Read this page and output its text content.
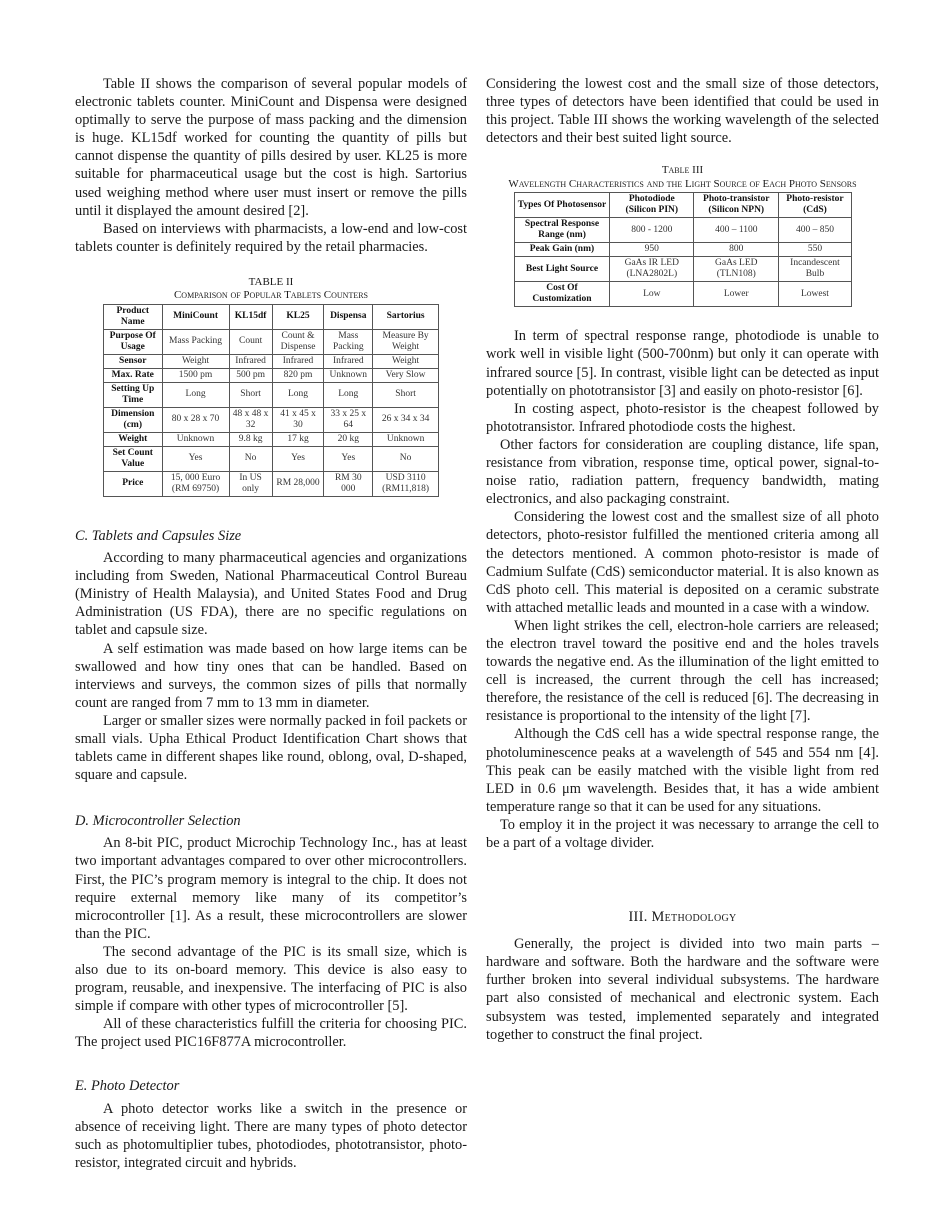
Table II shows the comparison of several popular models of electronic tablets counter. MiniCount and Dispensa were designed optimally to serve the purpose of mass packing and the dimension is huge. KL15df worked for counting the quantity of pills but cannot dispense the quantity of pills desired by user. KL25 is more suitable for pharmaceutical usage but the cost is high. Sartorius used weighing method where user must insert or remove the pills until it displayed the amount desired [2].

Based on interviews with pharmacists, a low-end and low-cost tablets counter is definitely required by the retail pharmacies.

TABLE II
Comparison of Popular Tablets Counters
Product Name	MiniCount	KL15df	KL25	Dispensa	Sartorius
Purpose Of Usage	Mass Packing	Count	Count & Dispense	Mass Packing	Measure By Weight
Sensor	Weight	Infrared	Infrared	Infrared	Weight
Max. Rate	1500 pm	500 pm	820 pm	Unknown	Very Slow
Setting Up Time	Long	Short	Long	Long	Short
Dimension (cm)	80 x 28 x 70	48 x 48 x 32	41 x 45 x 30	33 x 25 x 64	26 x 34 x 34
Weight	Unknown	9.8 kg	17 kg	20 kg	Unknown
Set Count Value	Yes	No	Yes	Yes	No
Price	15, 000 Euro (RM 69750)	In US only	RM 28,000	RM 30 000	USD 3110 (RM11,818)
C. Tablets and Capsules Size

According to many pharmaceutical agencies and organizations including from Sweden, National Pharmaceutical Control Bureau (Ministry of Health Malaysia), and United States Food and Drug Administration (US FDA), there are no specific regulations on tablet and capsule size.

A self estimation was made based on how large items can be swallowed and how tiny ones that can be handled. Based on interviews and surveys, the common sizes of pills that normally count are ranged from 7 mm to 13 mm in diameter.

Larger or smaller sizes were normally packed in foil packets or small vials. Upha Ethical Product Identification Chart shows that tablets came in different shapes like round, oblong, oval, D-shaped, square and capsule.

D. Microcontroller Selection

An 8-bit PIC, product Microchip Technology Inc., has at least two important advantages compared to over other microcontrollers. First, the PIC’s program memory is integral to the chip. It does not require external memory like many of its competitor’s microcontroller [1]. As a result, these microcontrollers are slower than the PIC.

The second advantage of the PIC is its small size, which is also due to its on-board memory. This device is also easy to program, reusable, and inexpensive. The interfacing of PIC is also simple if compare with other types of microcontroller [5].

All of these characteristics fulfill the criteria for choosing PIC. The project used PIC16F877A microcontroller.

E. Photo Detector

A photo detector works like a switch in the presence or absence of receiving light. There are many types of photo detector such as photomultiplier tubes, photodiodes, phototransistor, photo-resistor, integrated circuit and hybrids.

Considering the lowest cost and the small size of those detectors, three types of detectors have been identified that could be used in this project. Table III shows the working wavelength of the selected detectors and their best suited light source.

Table III
Wavelength Characteristics and the Light Source of Each Photo Sensors
Types Of Photosensor	Photodiode (Silicon PIN)	Photo-transistor (Silicon NPN)	Photo-resistor (CdS)
Spectral Response Range (nm)	800 - 1200	400 – 1100	400 – 850
Peak Gain (nm)	950	800	550
Best Light Source	GaAs IR LED (LNA2802L)	GaAs LED (TLN108)	Incandescent Bulb
Cost Of Customization	Low	Lower	Lowest

In term of spectral response range, photodiode is unable to work well in visible light (500-700nm) but only it can operate with infrared source [5]. In contrast, visible light can be detected as input potentially on phototransistor [3] and easily on photo-resistor [6].

In costing aspect, photo-resistor is the cheapest followed by phototransistor. Infrared photodiode costs the highest.

Other factors for consideration are coupling distance, life span, resistance from vibration, response time, optical power, signal-to-noise ratio, radiation pattern, frequency bandwidth, mating electronics, and also packaging constraint.

Considering the lowest cost and the smallest size of all photo detectors, photo-resistor fulfilled the mentioned criteria among all the detectors mentioned. A common photo-resistor is made of Cadmium Sulfate (CdS) semiconductor material. It is also known as CdS photo cell. This material is deposited on a ceramic substrate with attached metallic leads and mounted in a case with a window.

When light strikes the cell, electron-hole carriers are released; the electron travel toward the positive end and the holes travels towards the negative end. As the illumination of the light emitted to cell is increased, the current through the cell has increased; therefore, the resistance of the cell is reduced [6]. The decreasing in resistance is proportional to the intensity of the light [7].

Although the CdS cell has a wide spectral response range, the photoluminescence peaks at a wavelength of 545 and 554 nm [4]. This peak can be easily matched with the visible light from red LED in 0.6 μm wavelength. Besides that, it has a wide ambient temperature range so that it can be used for any situations.

To employ it in the project it was necessary to arrange the cell to be a part of a voltage divider.

III. Methodology

Generally, the project is divided into two main parts – hardware and software. Both the hardware and the software were further broken into several individual subsystems. The hardware part also consisted of mechanical and electronic system. Each subsystem was tested, implemented separately and integrated together to construct the final project.
